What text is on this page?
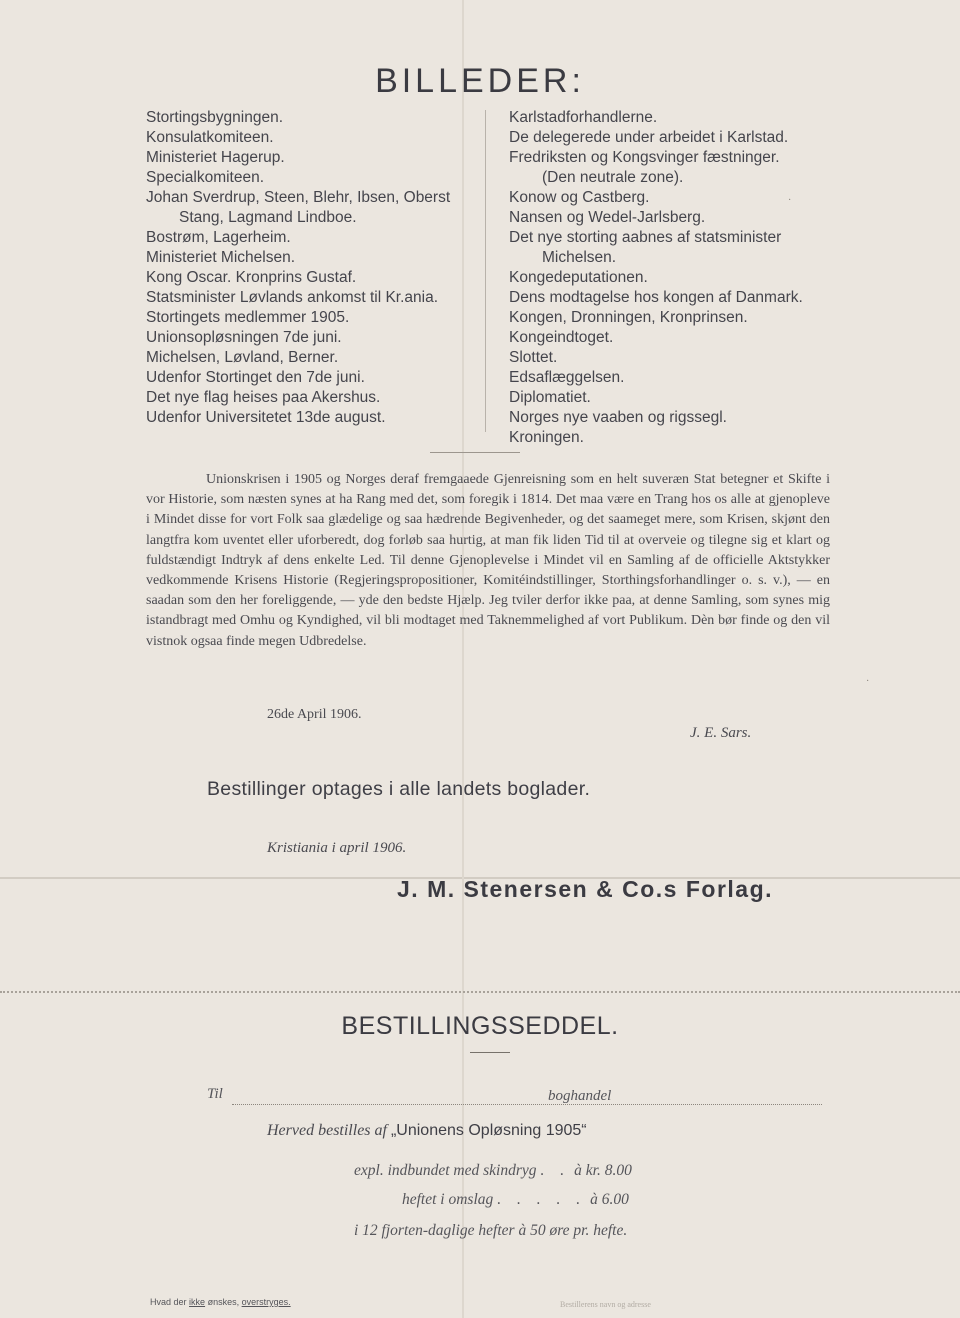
BILLEDER:
Stortingsbygningen.
Konsulatkomiteen.
Ministeriet Hagerup.
Specialkomiteen.
Johan Sverdrup, Steen, Blehr, Ibsen, Oberst
Stang, Lagmand Lindboe.
Bostrøm, Lagerheim.
Ministeriet Michelsen.
Kong Oscar. Kronprins Gustaf.
Statsminister Løvlands ankomst til Kr.ania.
Stortingets medlemmer 1905.
Unionsopløsningen 7de juni.
Michelsen, Løvland, Berner.
Udenfor Stortinget den 7de juni.
Det nye flag heises paa Akershus.
Udenfor Universitetet 13de august.
Karlstadforhandlerne.
De delegerede under arbeidet i Karlstad.
Fredriksten og Kongsvinger fæstninger.
(Den neutrale zone).
Konow og Castberg.
Nansen og Wedel-Jarlsberg.
Det nye storting aabnes af statsminister
Michelsen.
Kongedeputationen.
Dens modtagelse hos kongen af Danmark.
Kongen, Dronningen, Kronprinsen.
Kongeindtoget.
Slottet.
Edsaflæggelsen.
Diplomatiet.
Norges nye vaaben og rigssegl.
Kroningen.
Unionskrisen i 1905 og Norges deraf fremgaaede Gjenreisning som en helt suveræn Stat betegner et Skifte i vor Historie, som næsten synes at ha Rang med det, som foregik i 1814. Det maa være en Trang hos os alle at gjenopleve i Mindet disse for vort Folk saa glædelige og saa hædrende Begivenheder, og det saameget mere, som Krisen, skjønt den langtfra kom uventet eller uforberedt, dog forløb saa hurtig, at man fik liden Tid til at overveie og tilegne sig et klart og fuldstændigt Indtryk af dens enkelte Led. Til denne Gjenoplevelse i Mindet vil en Samling af de officielle Aktstykker vedkommende Krisens Historie (Regjeringspropositioner, Komitéindstillinger, Storthingsforhandlinger o. s. v.), — en saadan som den her foreliggende, — yde den bedste Hjælp. Jeg tviler derfor ikke paa, at denne Samling, som synes mig istandbragt med Omhu og Kyndighed, vil bli modtaget med Taknemmelighed af vort Publikum. Dèn bør finde og den vil vistnok ogsaa finde megen Udbredelse.
26de April 1906.
J. E. Sars.
Bestillinger optages i alle landets boglader.
Kristiania i april 1906.
J. M. Stenersen & Co.s Forlag.
BESTILLINGSSEDDEL.
Til	boghandel
Herved bestilles af „Unionens Opløsning 1905“
expl. indbundet med skindryg . . à kr. 8.00
heftet i omslag . . . . . à 6.00
i 12 fjorten-daglige hefter à 50 øre pr. hefte.
Hvad der ikke ønskes, overstryges.	Bestillerens navn og adresse
·
·
